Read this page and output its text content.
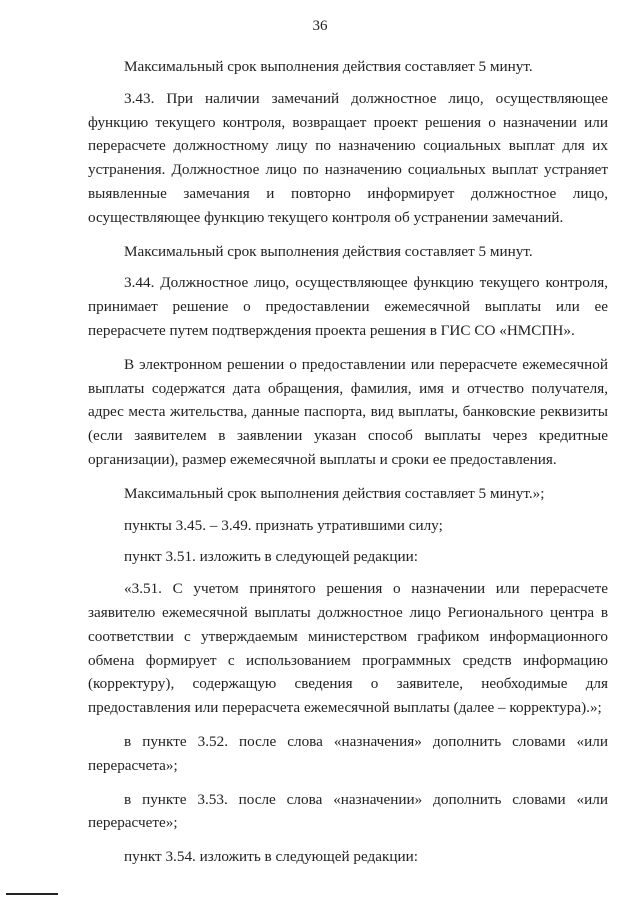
36

Максимальный срок выполнения действия составляет 5 минут.

3.43. При наличии замечаний должностное лицо, осуществляющее функцию текущего контроля, возвращает проект решения о назначении или перерасчете должностному лицу по назначению социальных выплат для их устранения. Должностное лицо по назначению социальных выплат устраняет выявленные замечания и повторно информирует должностное лицо, осуществляющее функцию текущего контроля об устранении замечаний.

Максимальный срок выполнения действия составляет 5 минут.

3.44. Должностное лицо, осуществляющее функцию текущего контроля, принимает решение о предоставлении ежемесячной выплаты или ее перерасчете путем подтверждения проекта решения в ГИС СО «НМСПН».

В электронном решении о предоставлении или перерасчете ежемесячной выплаты содержатся дата обращения, фамилия, имя и отчество получателя, адрес места жительства, данные паспорта, вид выплаты, банковские реквизиты (если заявителем в заявлении указан способ выплаты через кредитные организации), размер ежемесячной выплаты и сроки ее предоставления.

Максимальный срок выполнения действия составляет 5 минут.»;

пункты 3.45. – 3.49. признать утратившими силу;

пункт 3.51. изложить в следующей редакции:

«3.51. С учетом принятого решения о назначении или перерасчете заявителю ежемесячной выплаты должностное лицо Регионального центра в соответствии с утверждаемым министерством графиком информационного обмена формирует с использованием программных средств информацию (корректуру), содержащую сведения о заявителе, необходимые для предоставления или перерасчета ежемесячной выплаты (далее – корректура).»;

в пункте 3.52. после слова «назначения» дополнить словами «или перерасчета»;

в пункте 3.53. после слова «назначении» дополнить словами «или перерасчете»;

пункт 3.54. изложить в следующей редакции:
